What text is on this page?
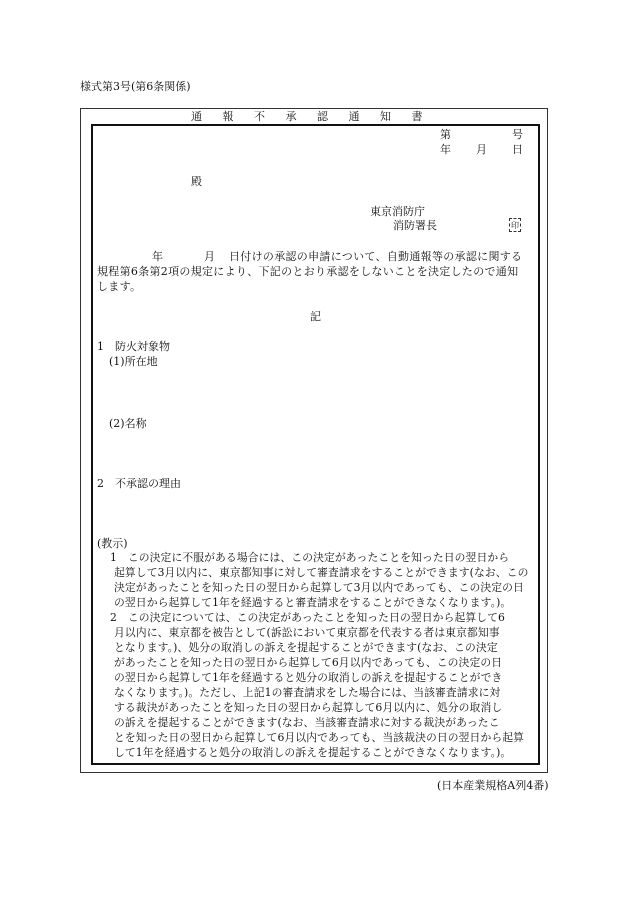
様式第3号(第6条関係)
通報不承認通知書
第	号
年 月 日
殿
東京消防庁
消防署長	印
年	月 日付けの承認の申請について、自動通報等の承認に関する
規程第6条第2項の規定により、下記のとおり承認をしないことを決定したので通知
します。
記
1　防火対象物
(1)所在地
(2)名称
2　不承認の理由
(教示)
1　この決定に不服がある場合には、この決定があったことを知った日の翌日から
起算して3月以内に、東京都知事に対して審査請求をすることができます(なお、この
決定があったことを知った日の翌日から起算して3月以内であっても、この決定の日
の翌日から起算して1年を経過すると審査請求をすることができなくなります。)。
2　この決定については、この決定があったことを知った日の翌日から起算して6
月以内に、東京都を被告として(訴訟において東京都を代表する者は東京都知事
となります。)、処分の取消しの訴えを提起することができます(なお、この決定
があったことを知った日の翌日から起算して6月以内であっても、この決定の日
の翌日から起算して1年を経過すると処分の取消しの訴えを提起することができ
なくなります。)。ただし、上記1の審査請求をした場合には、当該審査請求に対
する裁決があったことを知った日の翌日から起算して6月以内に、処分の取消し
の訴えを提起することができます(なお、当該審査請求に対する裁決があったこ
とを知った日の翌日から起算して6月以内であっても、当該裁決の日の翌日から起算
して1年を経過すると処分の取消しの訴えを提起することができなくなります。)。
(日本産業規格A列4番)
